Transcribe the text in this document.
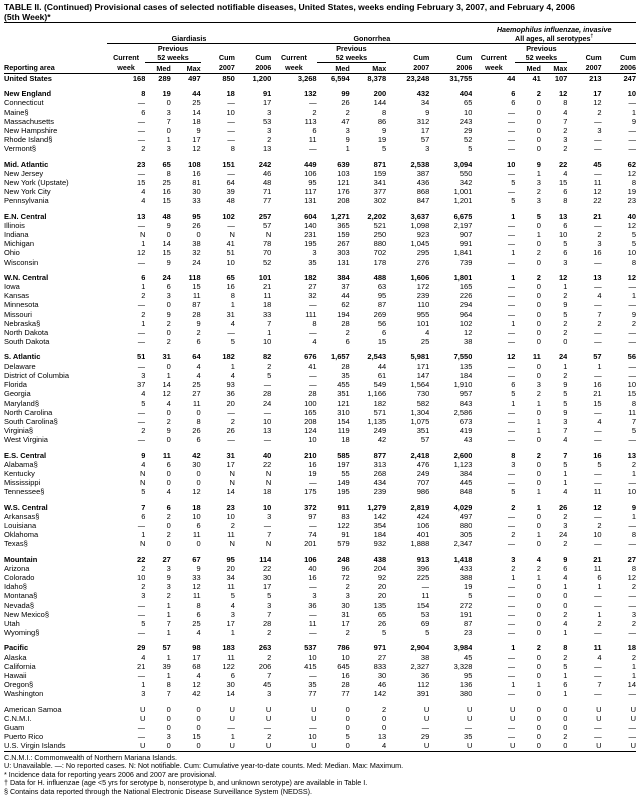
TABLE II. (Continued) Provisional cases of selected notifiable diseases, United States, weeks ending February 3, 2007, and February 4, 2006
(5th Week)*
	Giardiasis					Gonorrhea					Haemophilus influenzae, invasive
All ages, all serotypes†

		Previous					Previous					Previous			
	Current	52 weeks		Cum	Cum	Current	52 weeks		Cum	Cum	Current	52 weeks		Cum	Cum
Reporting area	week	Med	Max	2007	2006	week	Med	Max	2007	2006	week	Med	Max	2007	2006
United States	168	289	497	850	1,200	3,268	6,594	8,378	23,248	31,755	44	41	107	213	247
New England	8	19	44	18	91	132	99	200	432	404	6	2	12	17	10
Connecticut	—	0	25	—	17	—	26	144	34	65	6	0	8	12	—
Maine§	6	3	14	10	3	2	2	8	9	10	—	0	4	2	1
Massachusetts	—	7	18	—	53	113	47	86	312	243	—	0	7	—	9
New Hampshire	—	0	9	—	3	6	3	9	17	29	—	0	2	3	—
Rhode Island§	—	1	17	—	2	11	9	19	57	52	—	0	3	—	—
Vermont§	2	3	12	8	13	—	1	5	3	5	—	0	2	—	—
Mid. Atlantic	23	65	108	151	242	449	639	871	2,538	3,094	10	9	22	45	62
New Jersey	—	8	16	—	46	106	103	159	387	550	—	1	4	—	12
New York (Upstate)	15	25	81	64	48	95	121	341	436	342	5	3	15	11	8
New York City	4	16	30	39	71	117	176	377	868	1,001	—	2	6	12	19
Pennsylvania	4	15	33	48	77	131	208	302	847	1,201	5	3	8	22	23
E.N. Central	13	48	95	102	257	604	1,271	2,202	3,637	6,675	1	5	13	21	40
Illinois	—	9	26	—	57	140	365	521	1,098	2,197	—	0	6	—	12
Indiana	N	0	0	N	N	231	159	250	923	907	—	1	10	2	5
Michigan	1	14	38	41	78	195	267	880	1,045	991	—	0	5	3	5
Ohio	12	15	32	51	70	3	303	702	295	1,841	1	2	6	16	10
Wisconsin	—	9	24	10	52	35	131	178	276	739	—	0	3	—	8
W.N. Central	6	24	118	65	101	182	384	488	1,606	1,801	1	2	12	13	12
Iowa	1	6	15	16	21	27	37	63	172	165	—	0	1	—	—
Kansas	2	3	11	8	11	32	44	95	239	226	—	0	2	4	1
Minnesota	—	0	87	1	18	—	62	87	110	294	—	0	9	—	—
Missouri	2	9	28	31	33	111	194	269	955	964	—	0	5	7	9
Nebraska§	1	2	9	4	7	8	28	56	101	102	1	0	2	2	2
North Dakota	—	0	2	—	1	—	2	6	4	12	—	0	2	—	—
South Dakota	—	2	6	5	10	4	6	15	25	38	—	0	0	—	—
S. Atlantic	51	31	64	182	82	676	1,657	2,543	5,981	7,550	12	11	24	57	56
Delaware	—	0	4	1	2	41	28	44	171	135	—	0	1	1	—
District of Columbia	3	1	4	4	5	—	35	61	147	184	—	0	2	—	—
Florida	37	14	25	93	—	—	455	549	1,564	1,910	6	3	9	16	10
Georgia	4	12	27	36	28	28	351	1,166	730	957	5	2	5	21	15
Maryland§	5	4	11	20	24	100	121	182	582	843	1	1	5	15	8
North Carolina	—	0	0	—	—	165	310	571	1,304	2,586	—	0	9	—	11
South Carolina§	—	2	8	2	10	208	154	1,135	1,075	673	—	1	3	4	7
Virginia§	2	9	26	26	13	124	119	249	351	419	—	1	7	—	5
West Virginia	—	0	6	—	—	10	18	42	57	43	—	0	4	—	—
E.S. Central	9	11	42	31	40	210	585	877	2,418	2,600	8	2	7	16	13
Alabama§	4	6	30	17	22	16	197	313	476	1,123	3	0	5	5	2
Kentucky	N	0	0	N	N	19	55	268	249	384	—	0	1	—	1
Mississippi	N	0	0	N	N	—	149	434	707	445	—	0	1	—	—
Tennessee§	5	4	12	14	18	175	195	239	986	848	5	1	4	11	10
W.S. Central	7	6	18	23	10	372	911	1,279	2,819	4,029	2	1	26	12	9
Arkansas§	6	2	10	10	3	97	83	142	424	497	—	0	2	—	1
Louisiana	—	0	6	2	—	—	122	354	106	880	—	0	3	2	—
Oklahoma	1	2	11	11	7	74	91	184	401	305	2	1	24	10	8
Texas§	N	0	0	N	N	201	579	932	1,888	2,347	—	0	2	—	—
Mountain	22	27	67	95	114	106	248	438	913	1,418	3	4	9	21	27
Arizona	2	3	9	20	22	40	96	204	396	433	2	2	6	11	8
Colorado	10	9	33	34	30	16	72	92	225	388	1	1	4	6	12
Idaho§	2	3	12	11	17	—	2	20	—	19	—	0	1	1	2
Montana§	3	2	11	5	5	3	3	20	11	5	—	0	0	—	—
Nevada§	—	1	8	4	3	36	30	135	154	272	—	0	0	—	—
New Mexico§	—	1	6	3	7	—	31	65	53	191	—	0	2	1	3
Utah	5	7	25	17	28	11	17	26	69	87	—	0	4	2	2
Wyoming§	—	1	4	1	2	—	2	5	5	23	—	0	1	—	—
Pacific	29	57	98	183	263	537	786	971	2,904	3,984	1	2	8	11	18
Alaska	4	1	17	11	2	10	10	27	38	45	—	0	2	4	2
California	21	39	68	122	206	415	645	833	2,327	3,328	—	0	5	—	1
Hawaii	—	1	4	6	7	—	16	30	36	95	—	0	1	—	1
Oregon§	1	8	12	30	45	35	28	46	112	136	1	1	6	7	14
Washington	3	7	42	14	3	77	77	142	391	380	—	0	1	—	—
American Samoa	U	0	0	U	U	U	0	2	U	U	U	0	0	U	U
C.N.M.I.	U	0	0	U	U	U	0	0	U	U	U	0	0	U	U
Guam	—	0	0	—	—	—	0	0	—	—	—	0	0	—	—
Puerto Rico	—	3	15	1	2	10	5	13	29	35	—	0	2	—	—
U.S. Virgin Islands	U	0	0	U	U	U	0	4	U	U	U	0	0	U	U
C.N.M.I.: Commonwealth of Northern Mariana Islands.
U: Unavailable. —: No reported cases. N: Not notifiable. Cum: Cumulative year-to-date counts. Med: Median. Max: Maximum.
* Incidence data for reporting years 2006 and 2007 are provisional.
† Data for H. influenzae (age <5 yrs for serotype b, nonserotype b, and unknown serotype) are available in Table I.
§ Contains data reported through the National Electronic Disease Surveillance System (NEDSS).
